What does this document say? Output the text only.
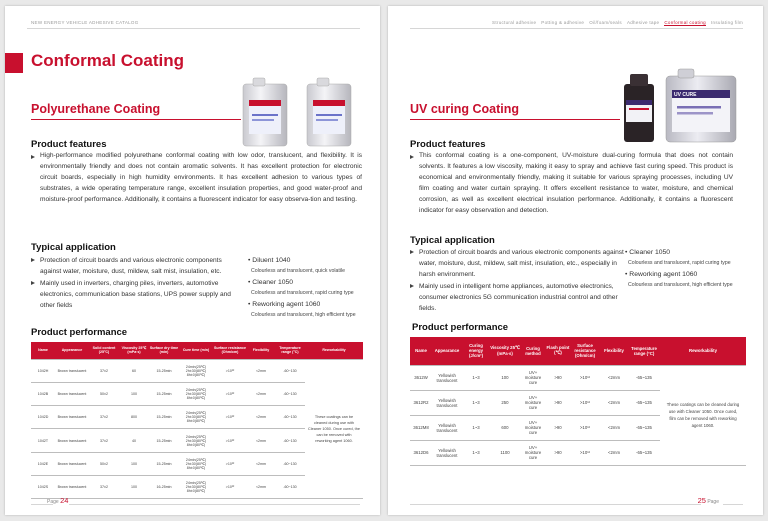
NEW ENERGY VEHICLE ADHESIVE CATALOG
Conformal Coating
Polyurethane Coating
Product features

High-performance modified polyurethane conformal coating with low odor, translucent, and flexibility. It is environmentally friendly and does not contain aromatic solvents. It has excellent protection for electronic circuit boards, especially in high humidity environments. It has excellent adhesion to various types of substrates, a wide operating temperature range, excellent insulation properties, and good water-proof and moisture-proof performance. Additionally, it contains a fluorescent indicator for easy observa-tion and testing.

Typical application
Protection of circuit boards and various electronic components against water, moisture, dust, mildew, salt mist, insulation, etc.
Mainly used in inverters, charging piles, inverters, automotive electronics, communication base stations, UPS power supply and other fields
• Diluent 1040
Colourless and translucent, quick volatile
• Cleaner 1050
Colourless and translucent, rapid curing type
• Reworking agent 1060
Colourless and translucent, high efficient type
Product performance
Name	Appearance	Solid content (25°C)	Viscosity 25℃ (mPa·s)	Surface dry time (min)	Cure time (min)	Surface resistance (Ohm/cm)	Flexibility	Temperature range (°C)	Reworkability
1042H	Brown translucent	37±2	60	15-25min	24min(25℃) 2h±30(80℃) 8h±0(80℃)	>10¹²	<2mm	-60~130	These coatings can be cleaned during use with Cleaner 1050. Once cured, the can be removed with reworking agent 1060.
1042B	Brown translucent	50±2	100	15-25min	24min(25℃) 2h±30(80℃) 8h±0(80℃)	>10¹²	<2mm	-60~130	
1042D	Brown translucent	37±2	800	15-25min	24min(25℃) 2h±30(80℃) 8h±0(80℃)	>10¹²	<2mm	-60~130	
1042T	Brown translucent	37±2	40	15-25min	24min(25℃) 2h±30(80℃) 8h±0(80℃)	>10¹²	<2mm	-60~130	
1042E	Brown translucent	50±2	100	15-25min	24min(25℃) 2h±30(80℃) 8h±0(80℃)	>10¹²	<2mm	-60~130	
1042S	Brown translucent	37±2	100	16-25min	24min(25℃) 2h±30(80℃) 8h±0(80℃)	>10¹²	<2mm	-60~130	
Page 24
Structural adhesive Potting & adhesive Oil/foam/seals Adhesive tape Conformal coating Insulating film
UV CURE
UV curing Coating
Product features

This conformal coating is a one-component, UV-moisture dual-curing formula that does not contain solvents. It features a low viscosity, making it easy to spray and achieve fast curing speed. This product is economical and environmentally friendly, making it suitable for various spraying processes, including UV film coating and water curtain spraying. It offers excellent resistance to water, moisture, and chemical corrosion, as well as excellent electrical insulation performance. Additionally, it contains a fluorescent indicator for easy observation and detection.

Typical application
Protection of circuit boards and various electronic components against water, moisture, dust, mildew, salt mist, insulation, etc., especially in harsh environment.
Mainly used in intelligent home appliances, automotive electronics, consumer electronics 5G communication industrial control and other fields.
• Cleaner 1050
Colourless and translucent, rapid curing type
• Reworking agent 1060
Colourless and translucent, high efficient type
Product performance
Name	Appearance	Curing energy (J/cm²)	Viscosity 25℃ (mPa·s)	Curing method	Flash point (℃)	Surface resistance (Ohm/cm)	Flexibility	Temperature range (°C)	Reworkability
3612W	Yellowish translucent	1~3	100	UV+ moisture cure	>90	>10¹²	<2mm	-65~135	These coatings can be cleaned during use with Cleaner 1050. Once cured, film can be removed with reworking agent 1060.
3612R2	Yellowish translucent	1~3	250	UV+ moisture cure	>90	>10¹²	<2mm	-65~135	
3612M8	Yellowish translucent	1~3	600	UV+ moisture cure	>90	>10¹²	<2mm	-65~135	
3612D6	Yellowish translucent	1~3	1100	UV+ moisture cure	>90	>10¹²	<2mm	-65~135	
25 Page
